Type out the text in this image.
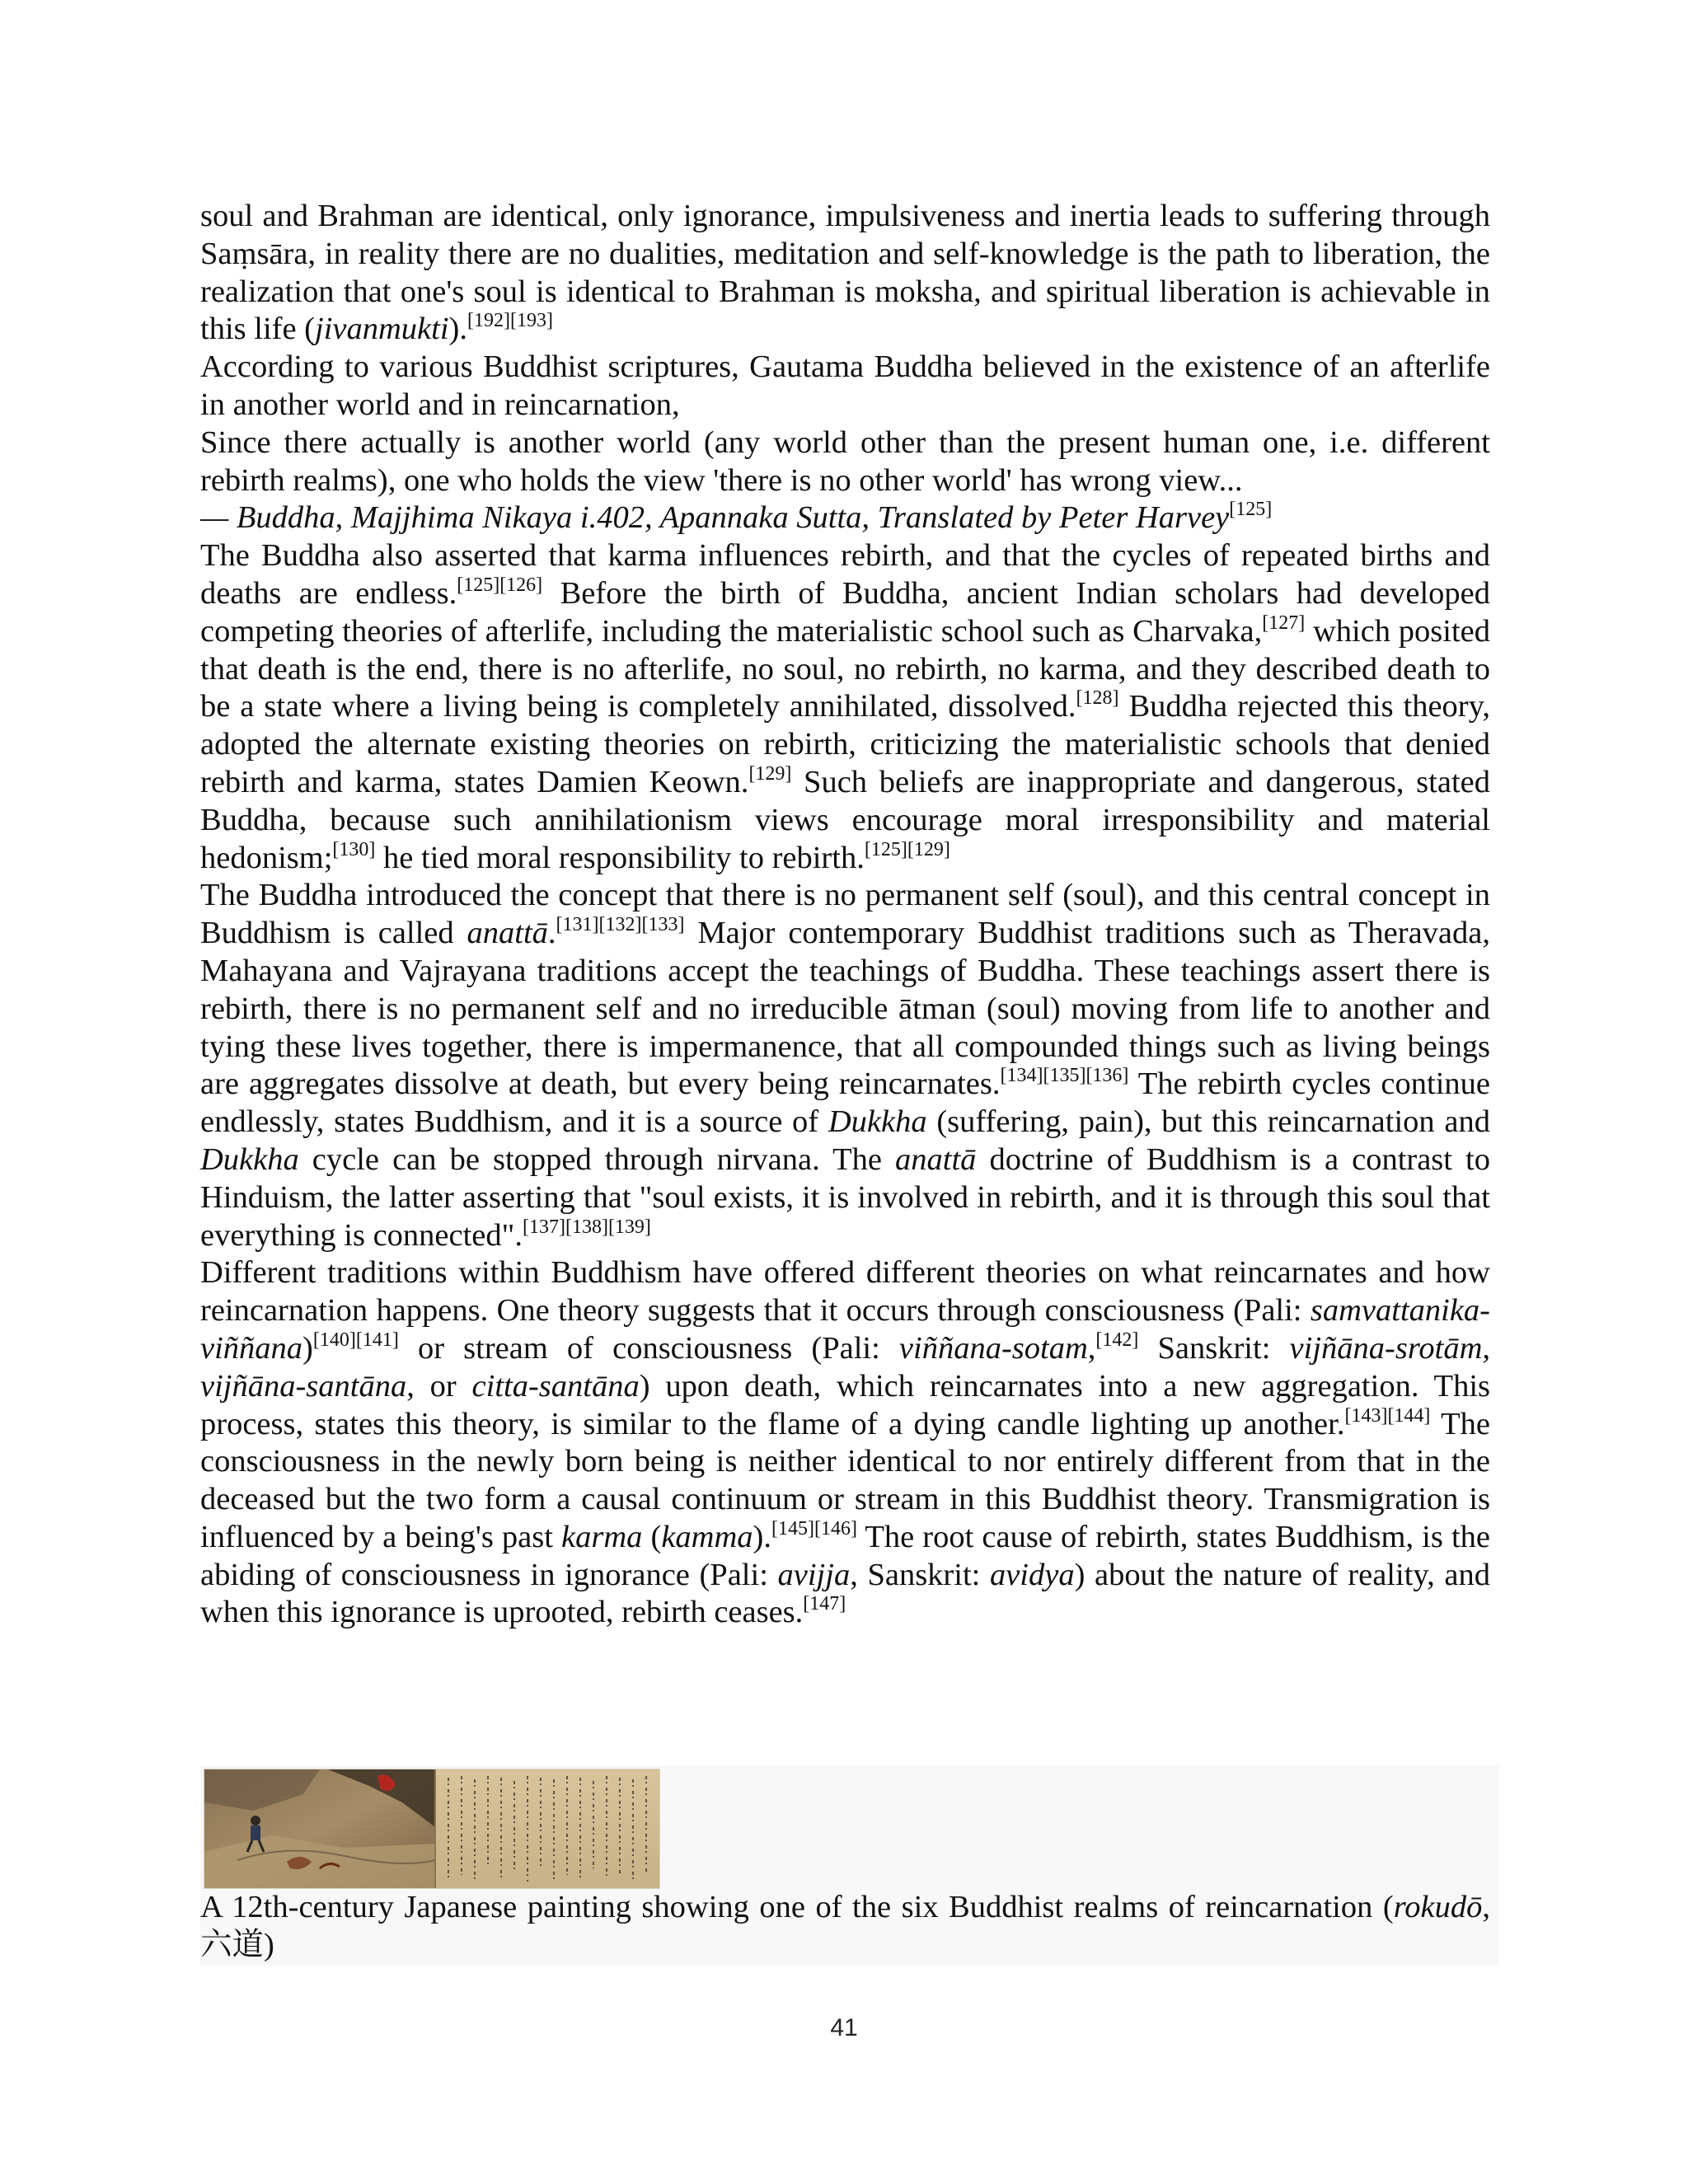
soul and Brahman are identical, only ignorance, impulsiveness and inertia leads to suffering through Saṃsāra, in reality there are no dualities, meditation and self-knowledge is the path to liberation, the realization that one's soul is identical to Brahman is moksha, and spiritual liberation is achievable in this life (jivanmukti).[192][193]

According to various Buddhist scriptures, Gautama Buddha believed in the existence of an afterlife in another world and in reincarnation,

Since there actually is another world (any world other than the present human one, i.e. different rebirth realms), one who holds the view 'there is no other world' has wrong view...

— Buddha, Majjhima Nikaya i.402, Apannaka Sutta, Translated by Peter Harvey[125]

The Buddha also asserted that karma influences rebirth, and that the cycles of repeated births and deaths are endless.[125][126] Before the birth of Buddha, ancient Indian scholars had developed competing theories of afterlife, including the materialistic school such as Charvaka,[127] which posited that death is the end, there is no afterlife, no soul, no rebirth, no karma, and they described death to be a state where a living being is completely annihilated, dissolved.[128] Buddha rejected this theory, adopted the alternate existing theories on rebirth, criticizing the materialistic schools that denied rebirth and karma, states Damien Keown.[129] Such beliefs are inappropriate and dangerous, stated Buddha, because such annihilationism views encourage moral irresponsibility and material hedonism;[130] he tied moral responsibility to rebirth.[125][129]

The Buddha introduced the concept that there is no permanent self (soul), and this central concept in Buddhism is called anattā.[131][132][133] Major contemporary Buddhist traditions such as Theravada, Mahayana and Vajrayana traditions accept the teachings of Buddha. These teachings assert there is rebirth, there is no permanent self and no irreducible ātman (soul) moving from life to another and tying these lives together, there is impermanence, that all compounded things such as living beings are aggregates dissolve at death, but every being reincarnates.[134][135][136] The rebirth cycles continue endlessly, states Buddhism, and it is a source of Dukkha (suffering, pain), but this reincarnation and Dukkha cycle can be stopped through nirvana. The anattā doctrine of Buddhism is a contrast to Hinduism, the latter asserting that "soul exists, it is involved in rebirth, and it is through this soul that everything is connected".[137][138][139]

Different traditions within Buddhism have offered different theories on what reincarnates and how reincarnation happens. One theory suggests that it occurs through consciousness (Pali: samvattanika-viññana)[140][141] or stream of consciousness (Pali: viññana-sotam,[142] Sanskrit: vijñāna-srotām, vijñāna-santāna, or citta-santāna) upon death, which reincarnates into a new aggregation. This process, states this theory, is similar to the flame of a dying candle lighting up another.[143][144] The consciousness in the newly born being is neither identical to nor entirely different from that in the deceased but the two form a causal continuum or stream in this Buddhist theory. Transmigration is influenced by a being's past karma (kamma).[145][146] The root cause of rebirth, states Buddhism, is the abiding of consciousness in ignorance (Pali: avijja, Sanskrit: avidya) about the nature of reality, and when this ignorance is uprooted, rebirth ceases.[147]

A 12th-century Japanese painting showing one of the six Buddhist realms of reincarnation (rokudō, 六道)
41
